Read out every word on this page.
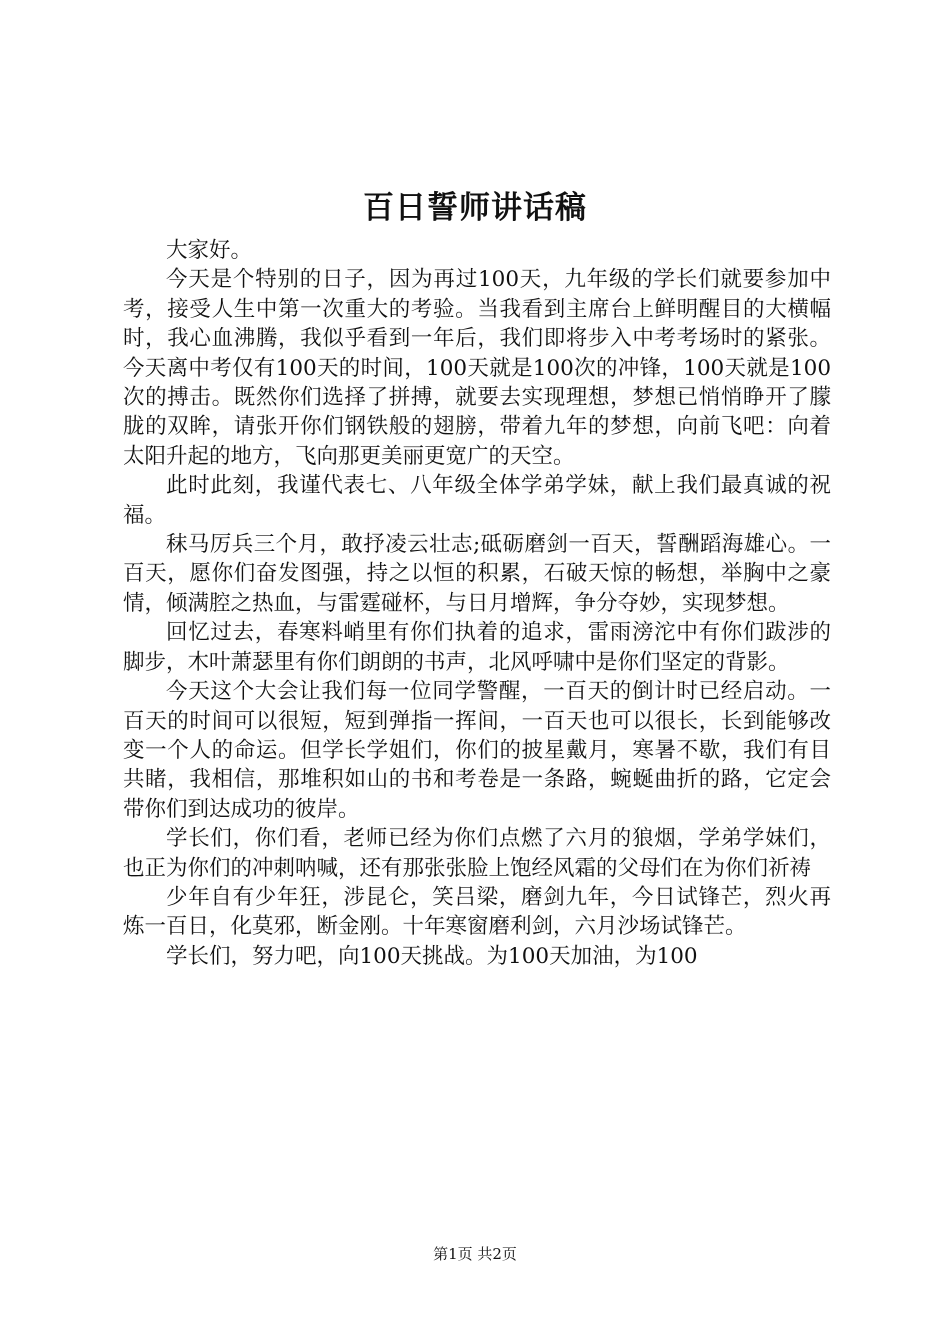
百日誓师讲话稿

大家好。

今天是个特别的日子，因为再过100天，九年级的学长们就要参加中考，接受人生中第一次重大的考验。当我看到主席台上鲜明醒目的大横幅时，我心血沸腾，我似乎看到一年后，我们即将步入中考考场时的紧张。今天离中考仅有100天的时间，100天就是100次的冲锋，100天就是100次的搏击。既然你们选择了拼搏，就要去实现理想，梦想已悄悄睁开了朦胧的双眸，请张开你们钢铁般的翅膀，带着九年的梦想，向前飞吧：向着太阳升起的地方，飞向那更美丽更宽广的天空。

此时此刻，我谨代表七、八年级全体学弟学妹，献上我们最真诚的祝福。

秣马厉兵三个月，敢抒凌云壮志;砥砺磨剑一百天，誓酬蹈海雄心。一百天，愿你们奋发图强，持之以恒的积累，石破天惊的畅想，举胸中之豪情，倾满腔之热血，与雷霆碰杯，与日月增辉，争分夺妙，实现梦想。

回忆过去，春寒料峭里有你们执着的追求，雷雨滂沱中有你们跋涉的脚步，木叶萧瑟里有你们朗朗的书声，北风呼啸中是你们坚定的背影。

今天这个大会让我们每一位同学警醒，一百天的倒计时已经启动。一百天的时间可以很短，短到弹指一挥间，一百天也可以很长，长到能够改变一个人的命运。但学长学姐们，你们的披星戴月，寒暑不歇，我们有目共睹，我相信，那堆积如山的书和考卷是一条路，蜿蜒曲折的路，它定会带你们到达成功的彼岸。

学长们，你们看，老师已经为你们点燃了六月的狼烟，学弟学妹们，也正为你们的冲刺呐喊，还有那张张脸上饱经风霜的父母们在为你们祈祷

少年自有少年狂，涉昆仑，笑吕梁，磨剑九年，今日试锋芒，烈火再炼一百日，化莫邪，断金刚。十年寒窗磨利剑，六月沙场试锋芒。

学长们，努力吧，向100天挑战。为100天加油，为100

第1页 共2页
